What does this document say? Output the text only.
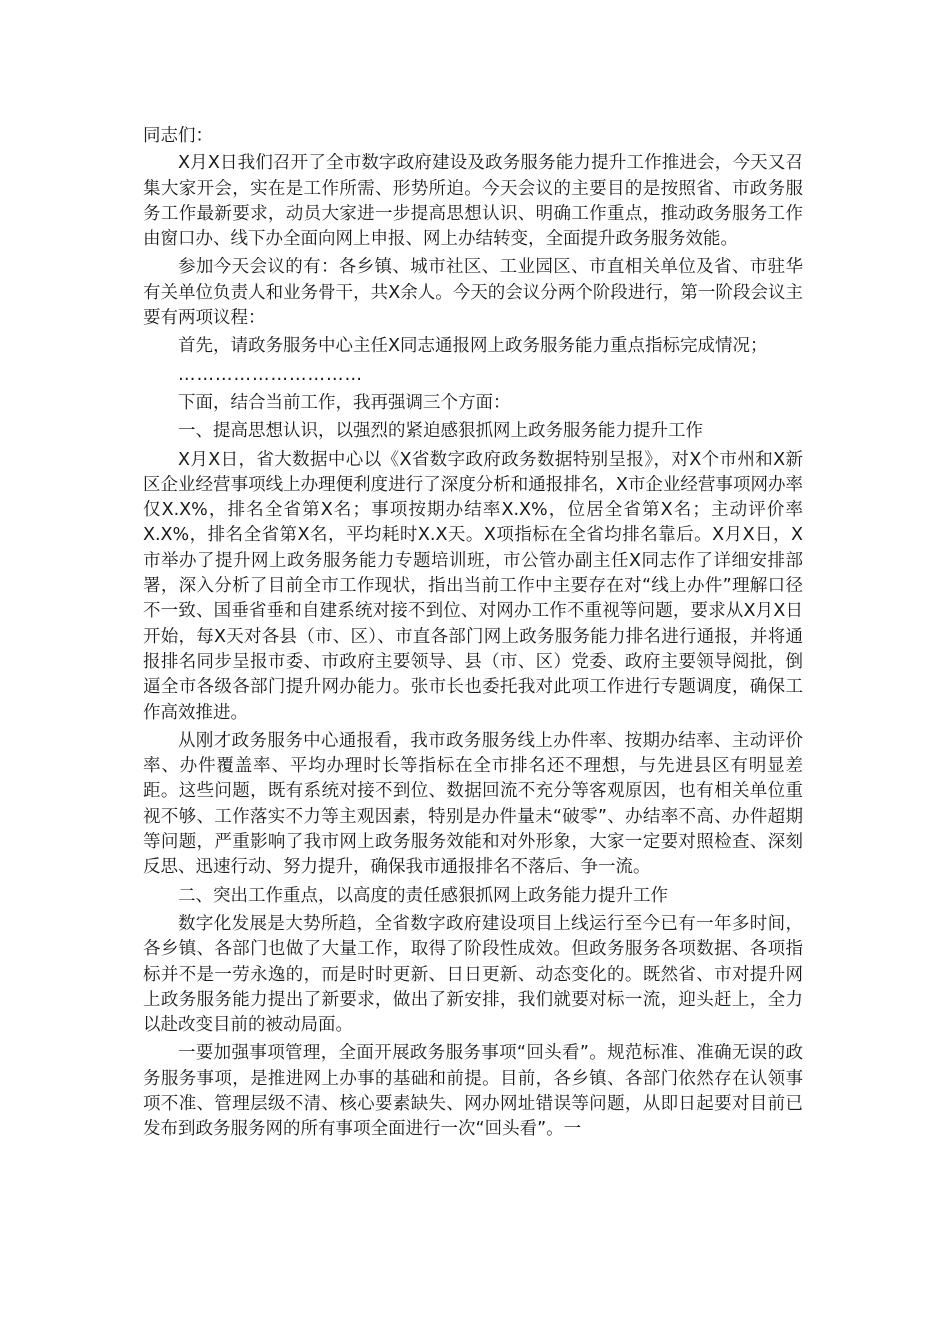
同志们：

X月X日我们召开了全市数字政府建设及政务服务能力提升工作推进会，今天又召集大家开会，实在是工作所需、形势所迫。今天会议的主要目的是按照省、市政务服务工作最新要求，动员大家进一步提高思想认识、明确工作重点，推动政务服务工作由窗口办、线下办全面向网上申报、网上办结转变，全面提升政务服务效能。

参加今天会议的有：各乡镇、城市社区、工业园区、市直相关单位及省、市驻华有关单位负责人和业务骨干，共X余人。今天的会议分两个阶段进行，第一阶段会议主要有两项议程：

首先，请政务服务中心主任X同志通报网上政务服务能力重点指标完成情况；

…………………………

下面，结合当前工作，我再强调三个方面：

一、提高思想认识，以强烈的紧迫感狠抓网上政务服务能力提升工作

X月X日，省大数据中心以《X省数字政府政务数据特别呈报》，对X个市州和X新区企业经营事项线上办理便利度进行了深度分析和通报排名，X市企业经营事项网办率仅X.X%，排名全省第X名；事项按期办结率X.X%，位居全省第X名；主动评价率X.X%，排名全省第X名，平均耗时X.X天。X项指标在全省均排名靠后。X月X日，X市举办了提升网上政务服务能力专题培训班，市公管办副主任X同志作了详细安排部署，深入分析了目前全市工作现状，指出当前工作中主要存在对“线上办件”理解口径不一致、国垂省垂和自建系统对接不到位、对网办工作不重视等问题，要求从X月X日开始，每X天对各县（市、区）、市直各部门网上政务服务能力排名进行通报，并将通报排名同步呈报市委、市政府主要领导、县（市、区）党委、政府主要领导阅批，倒逼全市各级各部门提升网办能力。张市长也委托我对此项工作进行专题调度，确保工作高效推进。

从刚才政务服务中心通报看，我市政务服务线上办件率、按期办结率、主动评价率、办件覆盖率、平均办理时长等指标在全市排名还不理想，与先进县区有明显差距。这些问题，既有系统对接不到位、数据回流不充分等客观原因，也有相关单位重视不够、工作落实不力等主观因素，特别是办件量未“破零”、办结率不高、办件超期等问题，严重影响了我市网上政务服务效能和对外形象，大家一定要对照检查、深刻反思、迅速行动、努力提升，确保我市通报排名不落后、争一流。

二、突出工作重点，以高度的责任感狠抓网上政务能力提升工作

数字化发展是大势所趋，全省数字政府建设项目上线运行至今已有一年多时间，各乡镇、各部门也做了大量工作，取得了阶段性成效。但政务服务各项数据、各项指标并不是一劳永逸的，而是时时更新、日日更新、动态变化的。既然省、市对提升网上政务服务能力提出了新要求，做出了新安排，我们就要对标一流，迎头赶上，全力以赴改变目前的被动局面。

一要加强事项管理，全面开展政务服务事项“回头看”。规范标准、准确无误的政务服务事项，是推进网上办事的基础和前提。目前，各乡镇、各部门依然存在认领事项不准、管理层级不清、核心要素缺失、网办网址错误等问题，从即日起要对目前已发布到政务服务网的所有事项全面进行一次“回头看”。一
